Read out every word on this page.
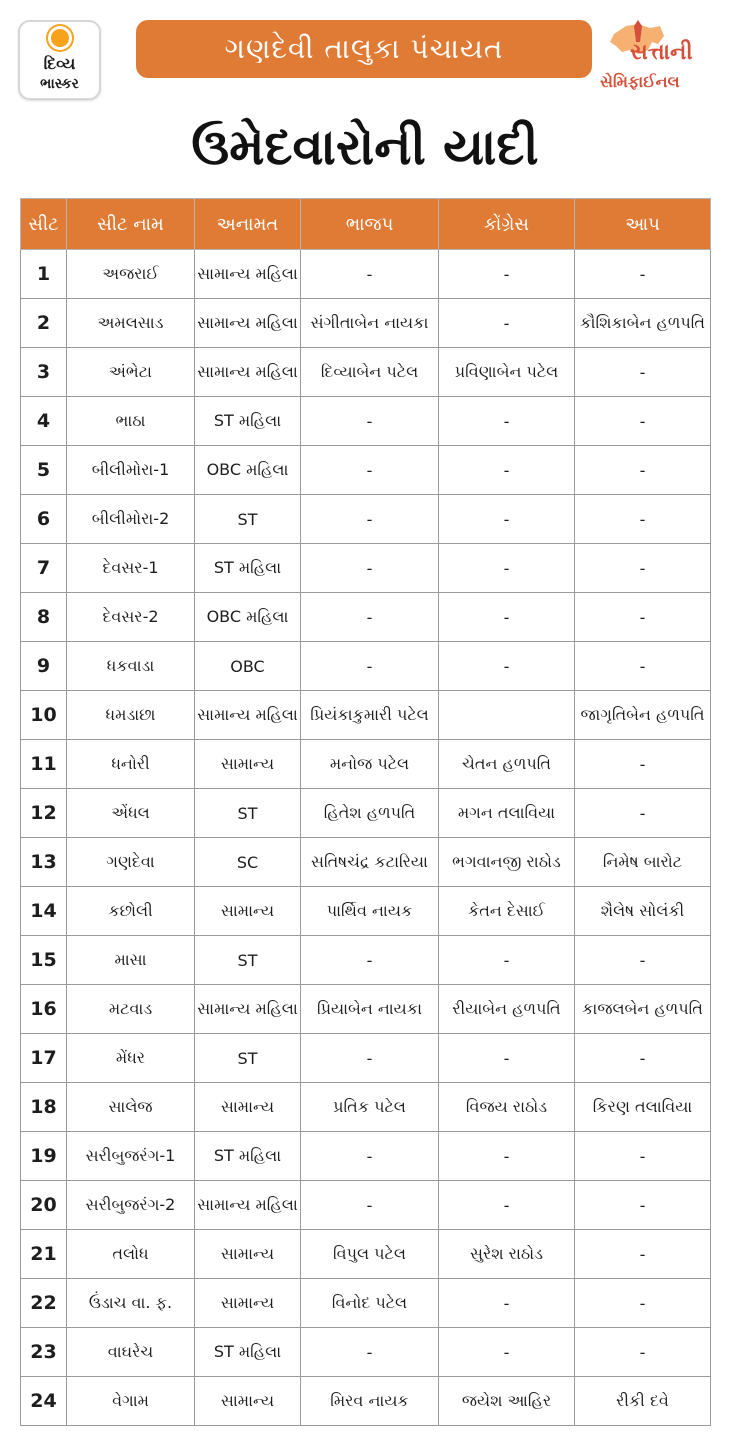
દિવ્ય
ભાસ્કર
ગણદેવી તાલુકા પંચાયત	સત્તાની
સેમિફાઈનલ
ઉમેદવારોની યાદી
સીટ	સીટ નામ	અનામત	ભાજપ	કોંગ્રેસ	આપ
1	અજરાઈ	સામાન્ય મહિલા	-	-	-
2	અમલસાડ	સામાન્ય મહિલા	સંગીતાબેન નાયકા	-	કૌશિકાબેન હળપતિ
3	અંભેટા	સામાન્ય મહિલા	દિવ્યાબેન પટેલ	પ્રવિણાબેન પટેલ	-
4	ભાઠા	ST મહિલા	-	-	-
5	બીલીમોરા-1	OBC મહિલા	-	-	-
6	બીલીમોરા-2	ST	-	-	-
7	દેવસર-1	ST મહિલા	-	-	-
8	દેવસર-2	OBC મહિલા	-	-	-
9	ધકવાડા	OBC	-	-	-
10	ધમડાછા	સામાન્ય મહિલા	પ્રિયંકાકુમારી પટેલ		જાગૃતિબેન હળપતિ
11	ધનોરી	સામાન્ય	મનોજ પટેલ	ચેતન હળપતિ	-
12	એંધલ	ST	હિતેશ હળપતિ	મગન તલાવિયા	-
13	ગણદેવા	SC	સતિષચંદ્ર કટારિયા	ભગવાનજી રાઠોડ	નિમેષ બારોટ
14	કછોલી	સામાન્ય	પાર્થિવ નાયક	કેતન દેસાઈ	શૈલેષ સોલંકી
15	માસા	ST	-	-	-
16	મટવાડ	સામાન્ય મહિલા	પ્રિયાબેન નાયકા	રીયાબેન હળપતિ	કાજલબેન હળપતિ
17	મેંધર	ST	-	-	-
18	સાલેજ	સામાન્ય	પ્રતિક પટેલ	વિજય રાઠોડ	કિરણ તલાવિયા
19	સરીબુજરંગ-1	ST મહિલા	-	-	-
20	સરીબુજરંગ-2	સામાન્ય મહિલા	-	-	-
21	તલોધ	સામાન્ય	વિપુલ પટેલ	સુરેશ રાઠોડ	-
22	ઉંડાચ વા. ફ.	સામાન્ય	વિનોદ પટેલ	-	-
23	વાઘરેચ	ST મહિલા	-	-	-
24	વેગામ	સામાન્ય	મિરવ નાયક	જયેશ આહિર	રીકી દવે
